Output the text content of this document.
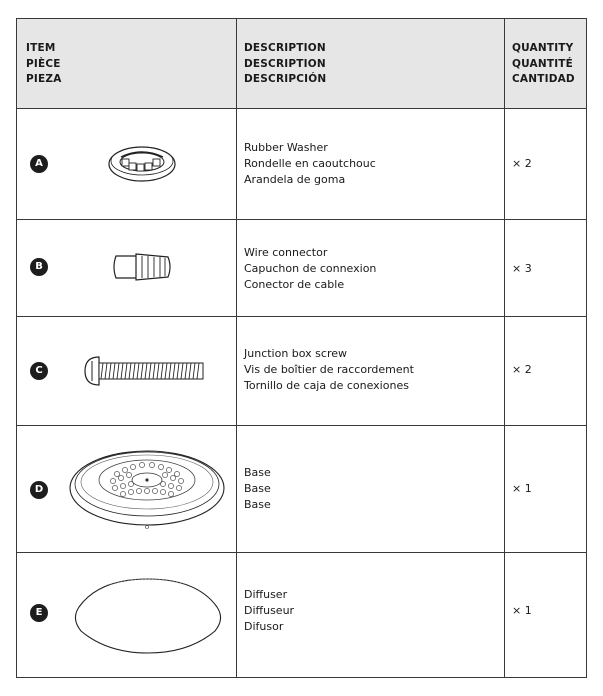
ITEM
PIÈCE
PIEZA
DESCRIPTION
DESCRIPTION
DESCRIPCIÓN
QUANTITY
QUANTITÉ
CANTIDAD
A
Rubber Washer
Rondelle en caoutchouc
Arandela de goma
× 2
B
Wire connector
Capuchon de connexion
Conector de cable
× 3
C
Junction box screw
Vis de boîtier de raccordement
Tornillo de caja de conexiones
× 2
D
Base
Base
Base
× 1
E
Diffuser
Diffuseur
Difusor
× 1
